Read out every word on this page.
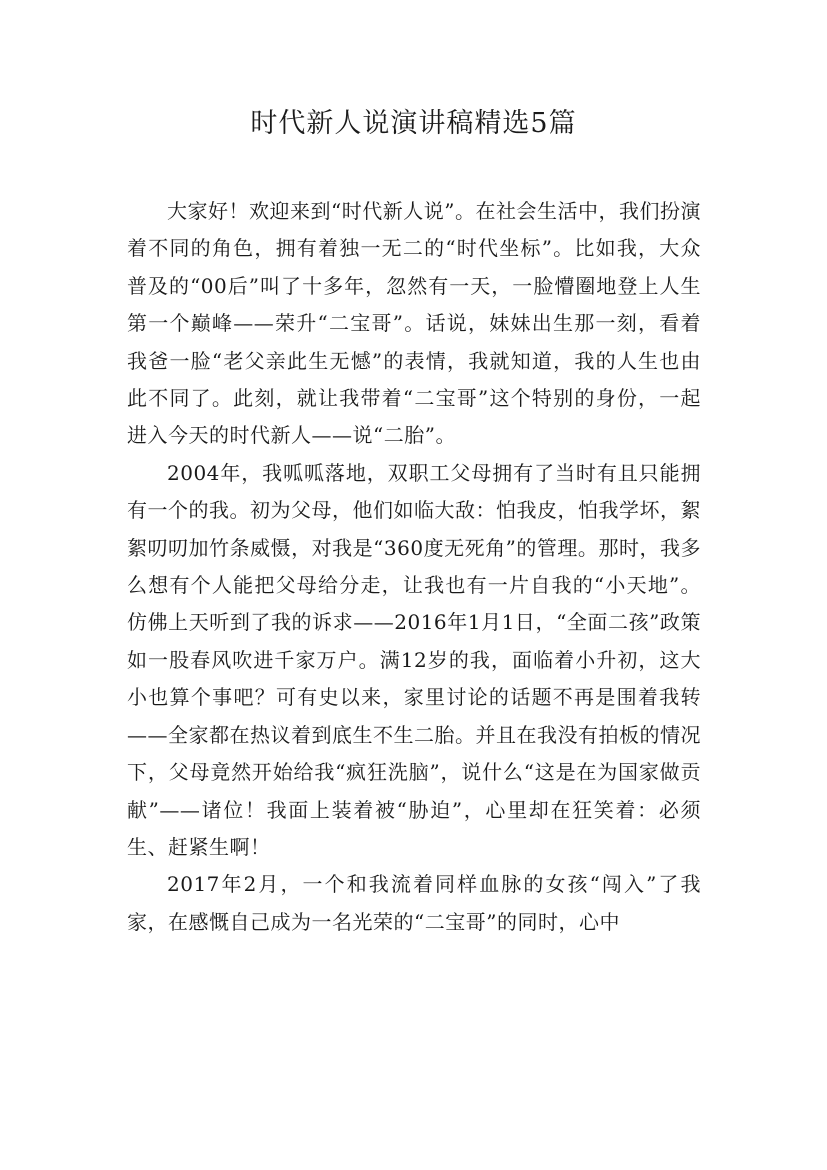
时代新人说演讲稿精选5篇

大家好！欢迎来到“时代新人说”。在社会生活中，我们扮演着不同的角色，拥有着独一无二的“时代坐标”。比如我，大众普及的“00后”叫了十多年，忽然有一天，一脸懵圈地登上人生第一个巅峰——荣升“二宝哥”。话说，妹妹出生那一刻，看着我爸一脸“老父亲此生无憾”的表情，我就知道，我的人生也由此不同了。此刻，就让我带着“二宝哥”这个特别的身份，一起进入今天的时代新人——说“二胎”。

2004年，我呱呱落地，双职工父母拥有了当时有且只能拥有一个的我。初为父母，他们如临大敌：怕我皮，怕我学坏，絮絮叨叨加竹条威慑，对我是“360度无死角”的管理。那时，我多么想有个人能把父母给分走，让我也有一片自我的“小天地”。仿佛上天听到了我的诉求——2016年1月1日，“全面二孩”政策如一股春风吹进千家万户。满12岁的我，面临着小升初，这大小也算个事吧？可有史以来，家里讨论的话题不再是围着我转——全家都在热议着到底生不生二胎。并且在我没有拍板的情况下，父母竟然开始给我“疯狂洗脑”，说什么“这是在为国家做贡献”——诸位！我面上装着被“胁迫”，心里却在狂笑着：必须生、赶紧生啊！

2017年2月，一个和我流着同样血脉的女孩“闯入”了我家，在感慨自己成为一名光荣的“二宝哥”的同时，心中
